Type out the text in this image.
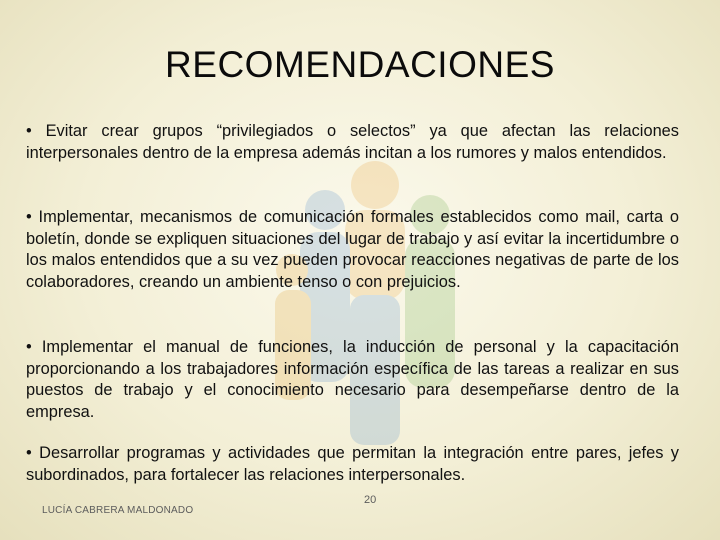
RECOMENDACIONES
• Evitar crear grupos “privilegiados o selectos” ya que afectan las relaciones interpersonales dentro de la empresa además incitan a los rumores y malos entendidos.
• Implementar, mecanismos de comunicación formales establecidos como mail, carta o boletín, donde se expliquen situaciones del lugar de trabajo y así evitar la incertidumbre o los malos entendidos que a su vez pueden provocar reacciones negativas de parte de los colaboradores, creando un ambiente tenso o con prejuicios.
• Implementar el manual de funciones, la inducción de personal y la capacitación proporcionando a los trabajadores información específica de las tareas a realizar en sus puestos de trabajo y el conocimiento necesario para desempeñarse dentro de la empresa.
• Desarrollar programas y actividades que permitan la integración entre pares, jefes y subordinados, para fortalecer las relaciones interpersonales.
LUCÍA CABRERA MALDONADO
20
